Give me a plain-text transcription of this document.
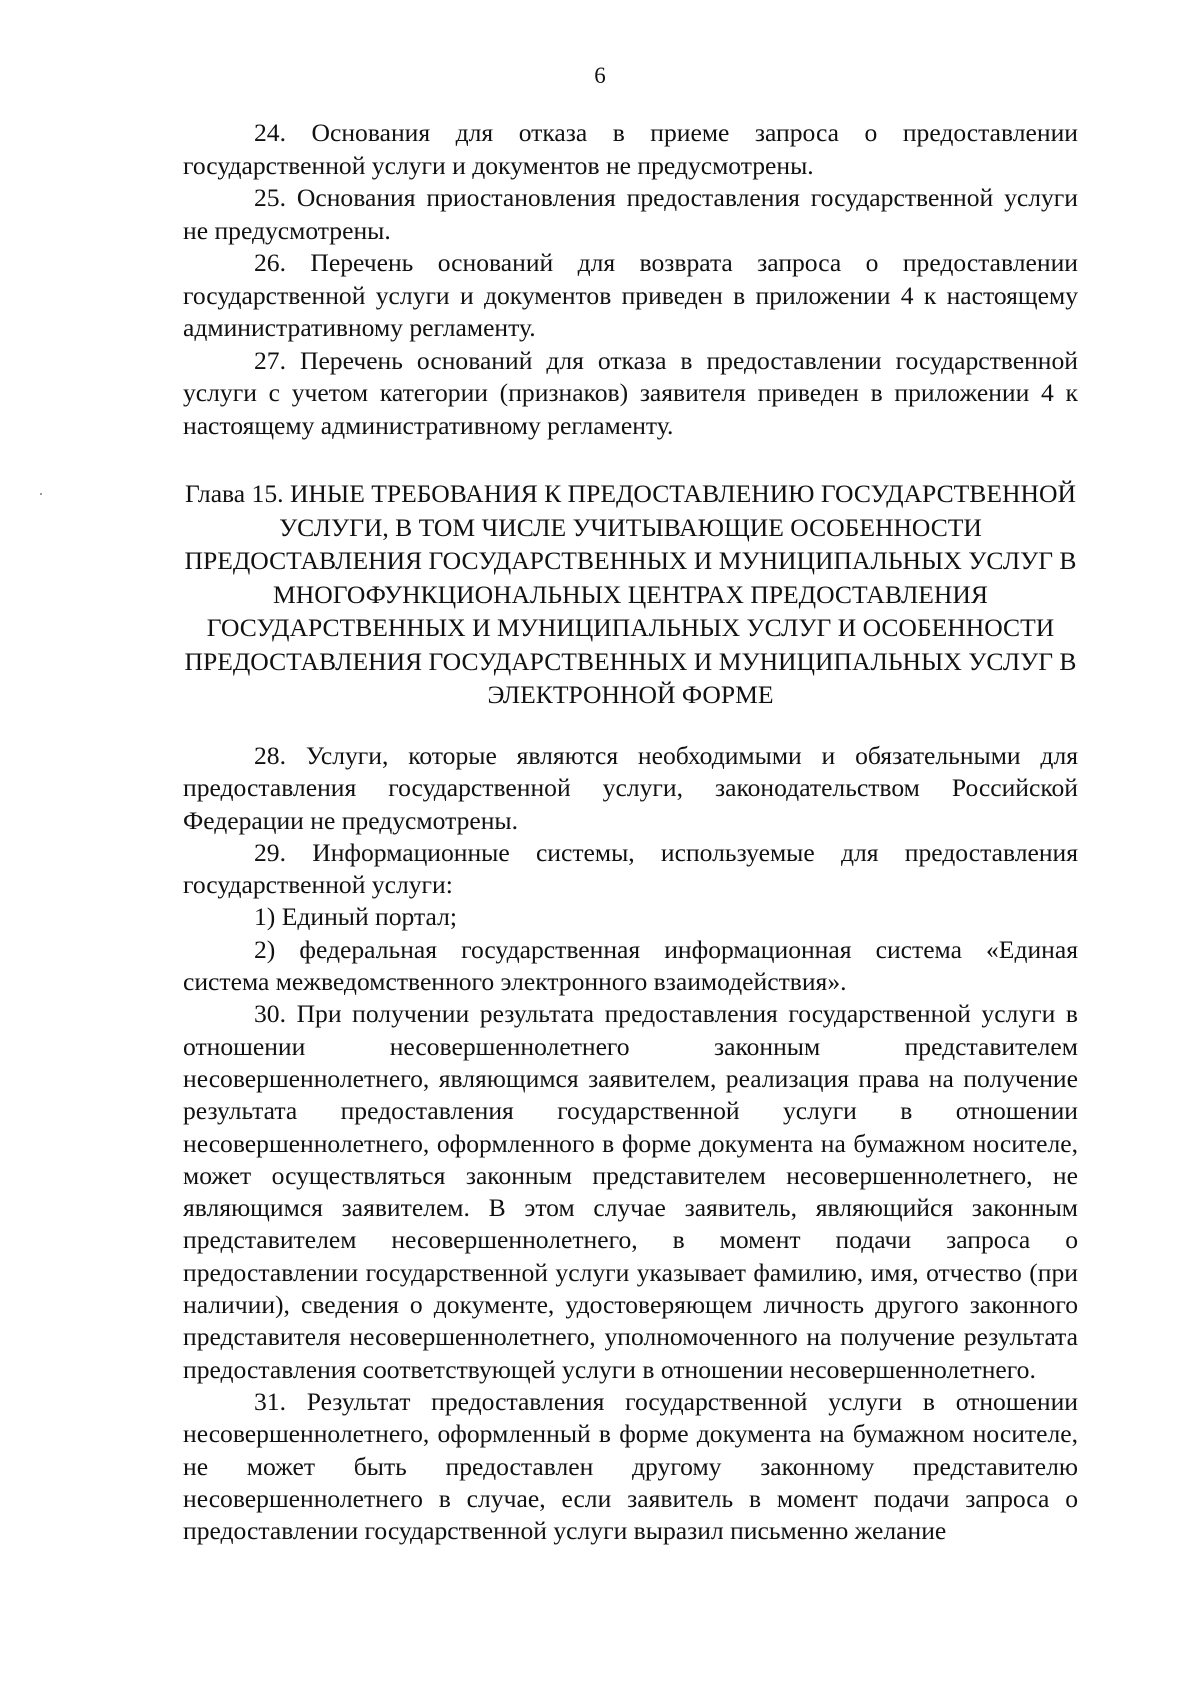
6

24. Основания для отказа в приеме запроса о предоставлении государственной услуги и документов не предусмотрены.

25. Основания приостановления предоставления государственной услуги не предусмотрены.

26. Перечень оснований для возврата запроса о предоставлении государственной услуги и документов приведен в приложении 4 к настоящему административному регламенту.

27. Перечень оснований для отказа в предоставлении государственной услуги с учетом категории (признаков) заявителя приведен в приложении 4 к настоящему административному регламенту.

Глава 15. ИНЫЕ ТРЕБОВАНИЯ К ПРЕДОСТАВЛЕНИЮ ГОСУДАРСТВЕННОЙ УСЛУГИ, В ТОМ ЧИСЛЕ УЧИТЫВАЮЩИЕ ОСОБЕННОСТИ ПРЕДОСТАВЛЕНИЯ ГОСУДАРСТВЕННЫХ И МУНИЦИПАЛЬНЫХ УСЛУГ В МНОГОФУНКЦИОНАЛЬНЫХ ЦЕНТРАХ ПРЕДОСТАВЛЕНИЯ ГОСУДАРСТВЕННЫХ И МУНИЦИПАЛЬНЫХ УСЛУГ И ОСОБЕННОСТИ ПРЕДОСТАВЛЕНИЯ ГОСУДАРСТВЕННЫХ И МУНИЦИПАЛЬНЫХ УСЛУГ В ЭЛЕКТРОННОЙ ФОРМЕ

28. Услуги, которые являются необходимыми и обязательными для предоставления государственной услуги, законодательством Российской Федерации не предусмотрены.

29. Информационные системы, используемые для предоставления государственной услуги:

1) Единый портал;

2) федеральная государственная информационная система «Единая система межведомственного электронного взаимодействия».

30. При получении результата предоставления государственной услуги в отношении несовершеннолетнего законным представителем несовершеннолетнего, являющимся заявителем, реализация права на получение результата предоставления государственной услуги в отношении несовершеннолетнего, оформленного в форме документа на бумажном носителе, может осуществляться законным представителем несовершеннолетнего, не являющимся заявителем. В этом случае заявитель, являющийся законным представителем несовершеннолетнего, в момент подачи запроса о предоставлении государственной услуги указывает фамилию, имя, отчество (при наличии), сведения о документе, удостоверяющем личность другого законного представителя несовершеннолетнего, уполномоченного на получение результата предоставления соответствующей услуги в отношении несовершеннолетнего.

31. Результат предоставления государственной услуги в отношении несовершеннолетнего, оформленный в форме документа на бумажном носителе, не может быть предоставлен другому законному представителю несовершеннолетнего в случае, если заявитель в момент подачи запроса о предоставлении государственной услуги выразил письменно желание
